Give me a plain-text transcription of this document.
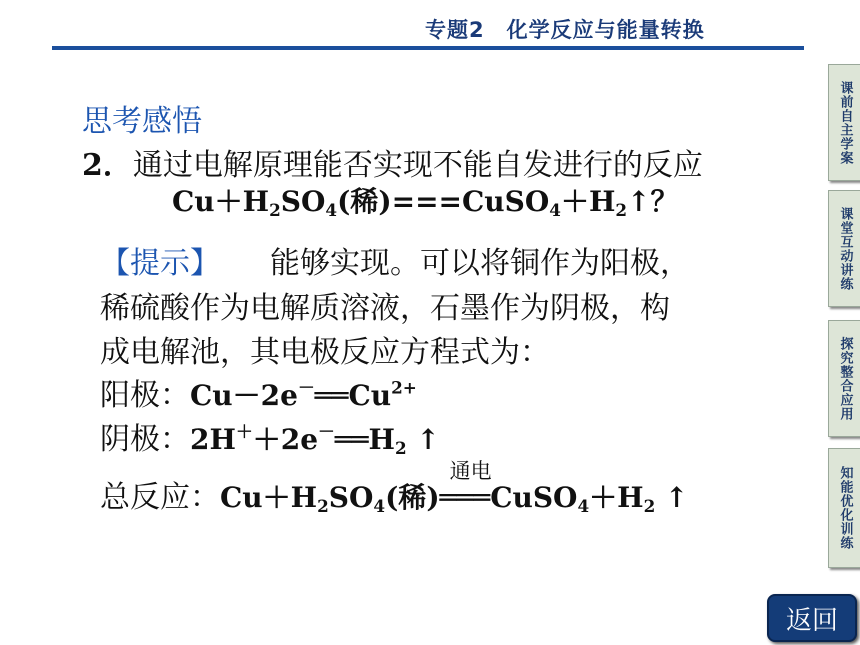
专题2　化学反应与能量转换
课前自主学案
课堂互动讲练
探究整合应用
知能优化训练
思考感悟
2．通过电解原理能否实现不能自发进行的反应
$Cu+H_2SO_4$(稀)$===CuSO_4+H_2↑$？
【提示】 能够实现。可以将铜作为阳极，
稀硫酸作为电解质溶液，石墨作为阴极，构
成电解池，其电极反应方程式为：
阳极：$Cu-2e^-══Cu^{2+}$
阴极：$2H^++2e^-══H_2$ ↑
总反应：$Cu+H_2SO_4$(稀)
通电
$═══CuSO_4+H_2$ ↑
返回
